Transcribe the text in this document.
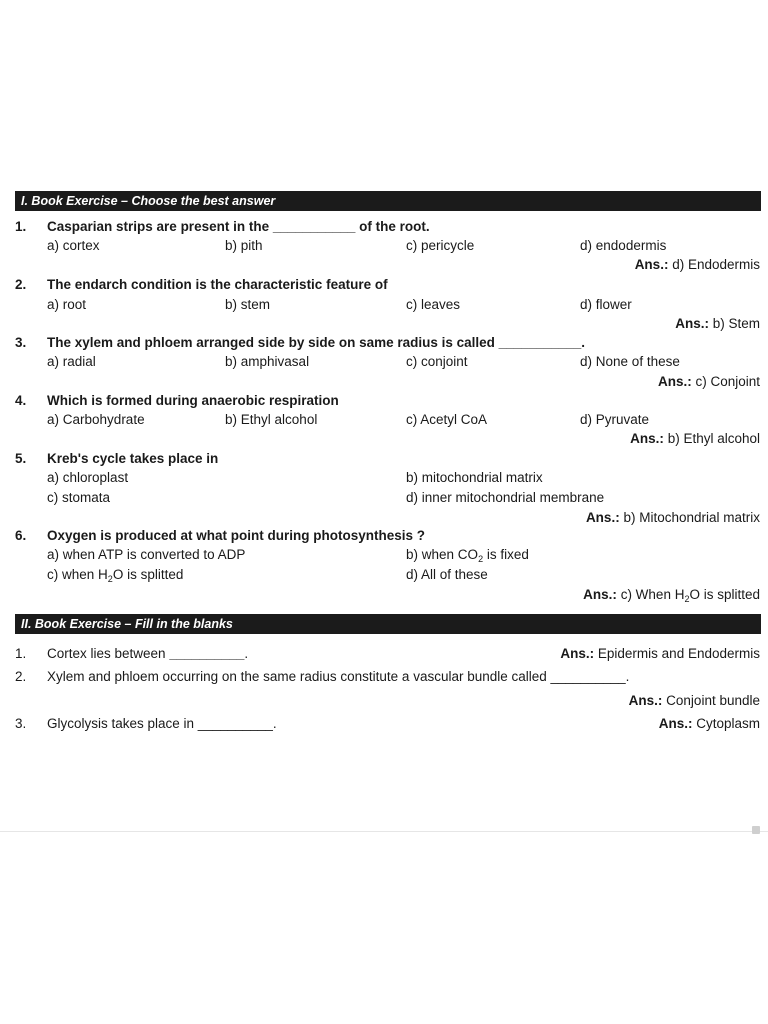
I. Book Exercise – Choose the best answer
1. Casparian strips are present in the ___________ of the root.
a) cortex	b) pith	c) pericycle	d) endodermis
Ans.: d) Endodermis
2. The endarch condition is the characteristic feature of
a) root	b) stem	c) leaves	d) flower
Ans.: b) Stem
3. The xylem and phloem arranged side by side on same radius is called ___________.
a) radial	b) amphivasal	c) conjoint	d) None of these
Ans.: c) Conjoint
4. Which is formed during anaerobic respiration
a) Carbohydrate	b) Ethyl alcohol	c) Acetyl CoA	d) Pyruvate
Ans.: b) Ethyl alcohol
5. Kreb's cycle takes place in
a) chloroplast	b) mitochondrial matrix
c) stomata	d) inner mitochondrial membrane
Ans.: b) Mitochondrial matrix
6. Oxygen is produced at what point during photosynthesis ?
a) when ATP is converted to ADP	b) when $CO_2$ is fixed
c) when $H_2O$ is splitted	d) All of these
Ans.: c) When $H_2O$ is splitted
II. Book Exercise – Fill in the blanks
1. Cortex lies between __________.	Ans.: Epidermis and Endodermis
2. Xylem and phloem occurring on the same radius constitute a vascular bundle called __________.
Ans.: Conjoint bundle
3. Glycolysis takes place in __________.	Ans.: Cytoplasm
